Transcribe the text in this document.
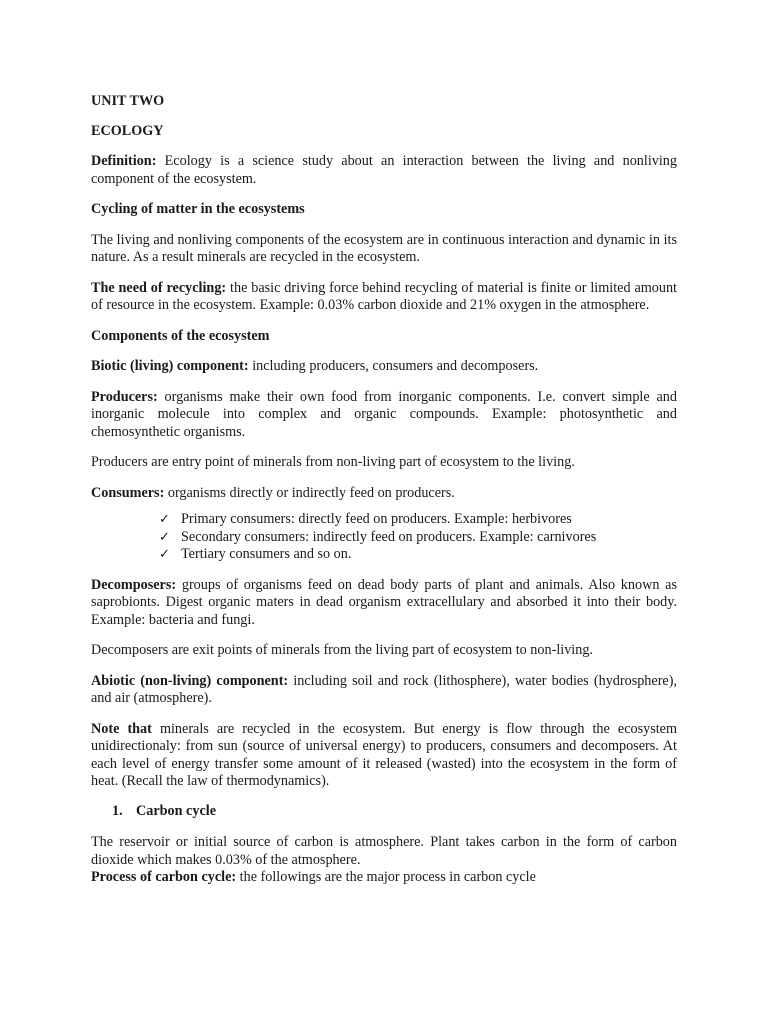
UNIT TWO

ECOLOGY

Definition: Ecology is a science study about an interaction between the living and nonliving component of the ecosystem.

Cycling of matter in the ecosystems

The living and nonliving components of the ecosystem are in continuous interaction and dynamic in its nature. As a result minerals are recycled in the ecosystem.

The need of recycling: the basic driving force behind recycling of material is finite or limited amount of resource in the ecosystem. Example: 0.03% carbon dioxide and 21% oxygen in the atmosphere.

Components of the ecosystem

Biotic (living) component: including producers, consumers and decomposers.

Producers: organisms make their own food from inorganic components. I.e. convert simple and inorganic molecule into complex and organic compounds. Example: photosynthetic and chemosynthetic organisms.

Producers are entry point of minerals from non-living part of ecosystem to the living.

Consumers: organisms directly or indirectly feed on producers.

✓ Primary consumers: directly feed on producers. Example: herbivores
✓ Secondary consumers: indirectly feed on producers. Example: carnivores
✓ Tertiary consumers and so on.

Decomposers: groups of organisms feed on dead body parts of plant and animals. Also known as saprobionts. Digest organic maters in dead organism extracellulary and absorbed it into their body. Example: bacteria and fungi.

Decomposers are exit points of minerals from the living part of ecosystem to non-living.

Abiotic (non-living) component: including soil and rock (lithosphere), water bodies (hydrosphere), and air (atmosphere).

Note that minerals are recycled in the ecosystem. But energy is flow through the ecosystem unidirectionaly: from sun (source of universal energy) to producers, consumers and decomposers. At each level of energy transfer some amount of it released (wasted) into the ecosystem in the form of heat. (Recall the law of thermodynamics).

1. Carbon cycle

The reservoir or initial source of carbon is atmosphere. Plant takes carbon in the form of carbon dioxide which makes 0.03% of the atmosphere.

Process of carbon cycle: the followings are the major process in carbon cycle
